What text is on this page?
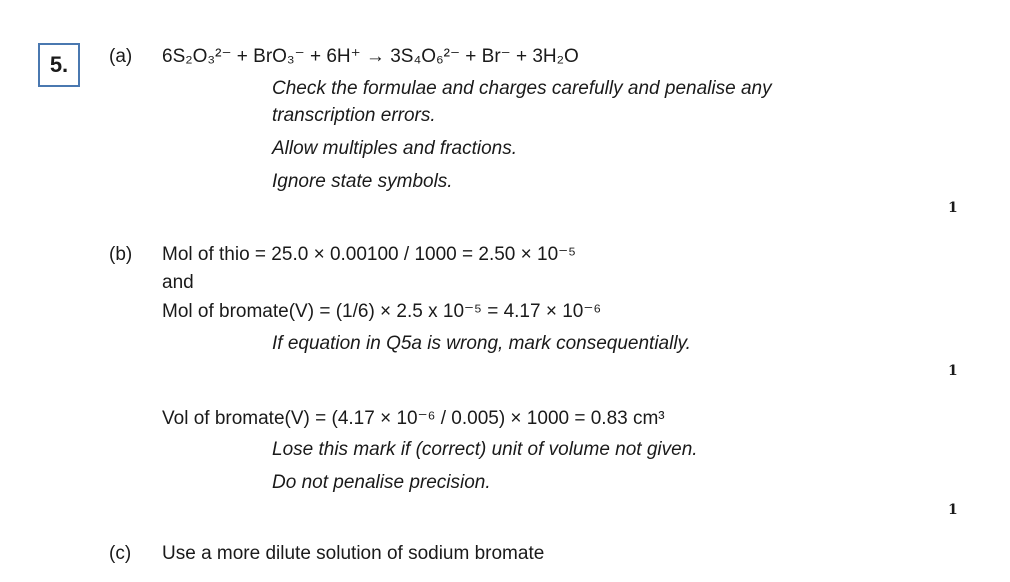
5. (a) 6S₂O₃²⁻ + BrO₃⁻ + 6H⁺ → 3S₄O₆²⁻ + Br⁻ + 3H₂O
Check the formulae and charges carefully and penalise any
transcription errors.
Allow multiples and fractions.
Ignore state symbols.
1
(b) Mol of thio = 25.0 × 0.00100 / 1000 = 2.50 × 10⁻⁵
and
Mol of bromate(V) = (1/6) × 2.5 x 10⁻⁵ = 4.17 × 10⁻⁶
If equation in Q5a is wrong, mark consequentially.
1
Vol of bromate(V) = (4.17 × 10⁻⁶ / 0.005) × 1000 = 0.83 cm³
Lose this mark if (correct) unit of volume not given.
Do not penalise precision.
1
(c) Use a more dilute solution of sodium bromate
